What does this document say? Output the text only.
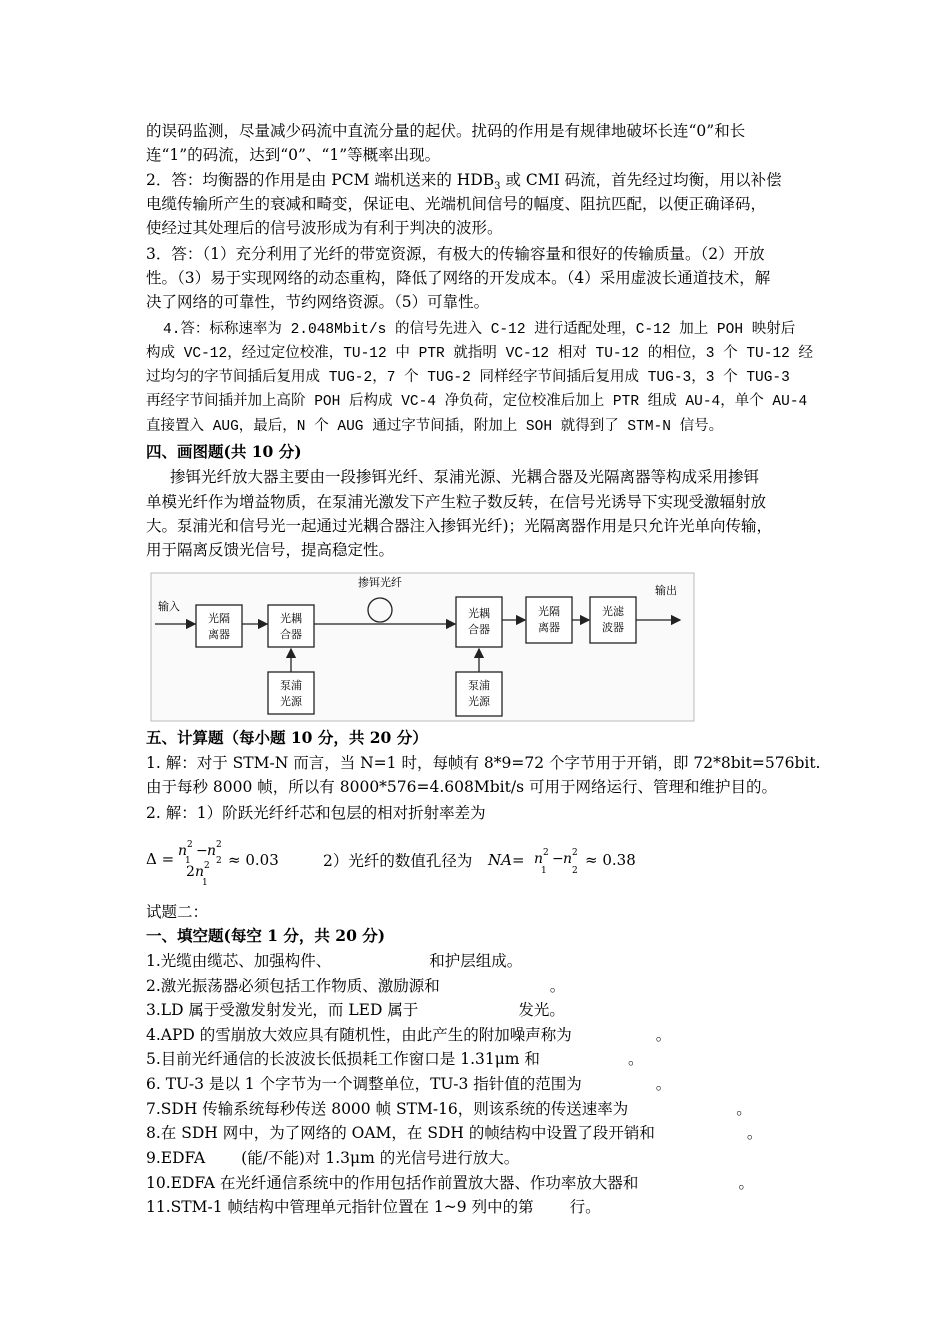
的误码监测，尽量减少码流中直流分量的起伏。扰码的作用是有规律地破坏长连“0”和长
连“1”的码流，达到“0”、“1”等概率出现。
2．答：均衡器的作用是由 PCM 端机送来的 $HDB_3$ 或 CMI 码流，首先经过均衡，用以补偿
电缆传输所产生的衰减和畸变，保证电、光端机间信号的幅度、阻抗匹配，以便正确译码，
使经过其处理后的信号波形成为有利于判决的波形。
3．答：（1）充分利用了光纤的带宽资源，有极大的传输容量和很好的传输质量。（2）开放
性。（3）易于实现网络的动态重构，降低了网络的开发成本。（4）采用虚波长通道技术，解
决了网络的可靠性，节约网络资源。（5）可靠性。
4.答：标称速率为 2.048Mbit/s 的信号先进入 C-12 进行适配处理，C-12 加上 POH 映射后
构成 VC-12，经过定位校准，TU-12 中 PTR 就指明 VC-12 相对 TU-12 的相位，3 个 TU-12 经
过均匀的字节间插后复用成 TUG-2，7 个 TUG-2 同样经字节间插后复用成 TUG-3，3 个 TUG-3
再经字节间插并加上高阶 POH 后构成 VC-4 净负荷，定位校准后加上 PTR 组成 AU-4，单个 AU-4
直接置入 AUG，最后，N 个 AUG 通过字节间插，附加上 SOH 就得到了 STM-N 信号。
四、画图题(共 10 分)
掺铒光纤放大器主要由一段掺铒光纤、泵浦光源、光耦合器及光隔离器等构成采用掺铒
单模光纤作为增益物质，在泵浦光激发下产生粒子数反转，在信号光诱导下实现受激辐射放
大。泵浦光和信号光一起通过光耦合器注入掺铒光纤)；光隔离器作用是只允许光单向传输，
用于隔离反馈光信号，提高稳定性。
输入
光隔
离器
光耦
合器
泵浦
光源
掺铒光纤
光耦
合器
泵浦
光源
光隔
离器
光滤
波器
输出
五、计算题（每小题 10 分，共 20 分）
1. 解：对于 STM-N 而言，当 N=1 时，每帧有 8*9=72 个字节用于开销，即 72*8bit=576bit.
由于每秒 8000 帧，所以有 8000*576=4.608Mbit/s 可用于网络运行、管理和维护目的。
2. 解：1）阶跃光纤纤芯和包层的相对折射率差为
Δ = n 2
1
− n 2
2
2 n 2
1
≈ 0.03	2）光纤的数值孔径为 NA = n 2
1
− n 2
2
≈ 0.38
试题二：
一、填空题(每空 1 分，共 20 分)
1.光缆由缆芯、加强构件、	和护层组成。
2.激光振荡器必须包括工作物质、激励源和	。
3.LD 属于受激发射发光，而 LED 属于	发光。
4.APD 的雪崩放大效应具有随机性，由此产生的附加噪声称为	。
5.目前光纤通信的长波波长低损耗工作窗口是 1.31μm 和	。
6. TU-3 是以 1 个字节为一个调整单位，TU-3 指针值的范围为	。
7.SDH 传输系统每秒传送 8000 帧 STM-16，则该系统的传送速率为	。
8.在 SDH 网中，为了网络的 OAM，在 SDH 的帧结构中设置了段开销和	。
9.EDFA (能/不能)对 1.3μm 的光信号进行放大。
10.EDFA 在光纤通信系统中的作用包括作前置放大器、作功率放大器和	。
11.STM-1 帧结构中管理单元指针位置在 1~9 列中的第 行。
